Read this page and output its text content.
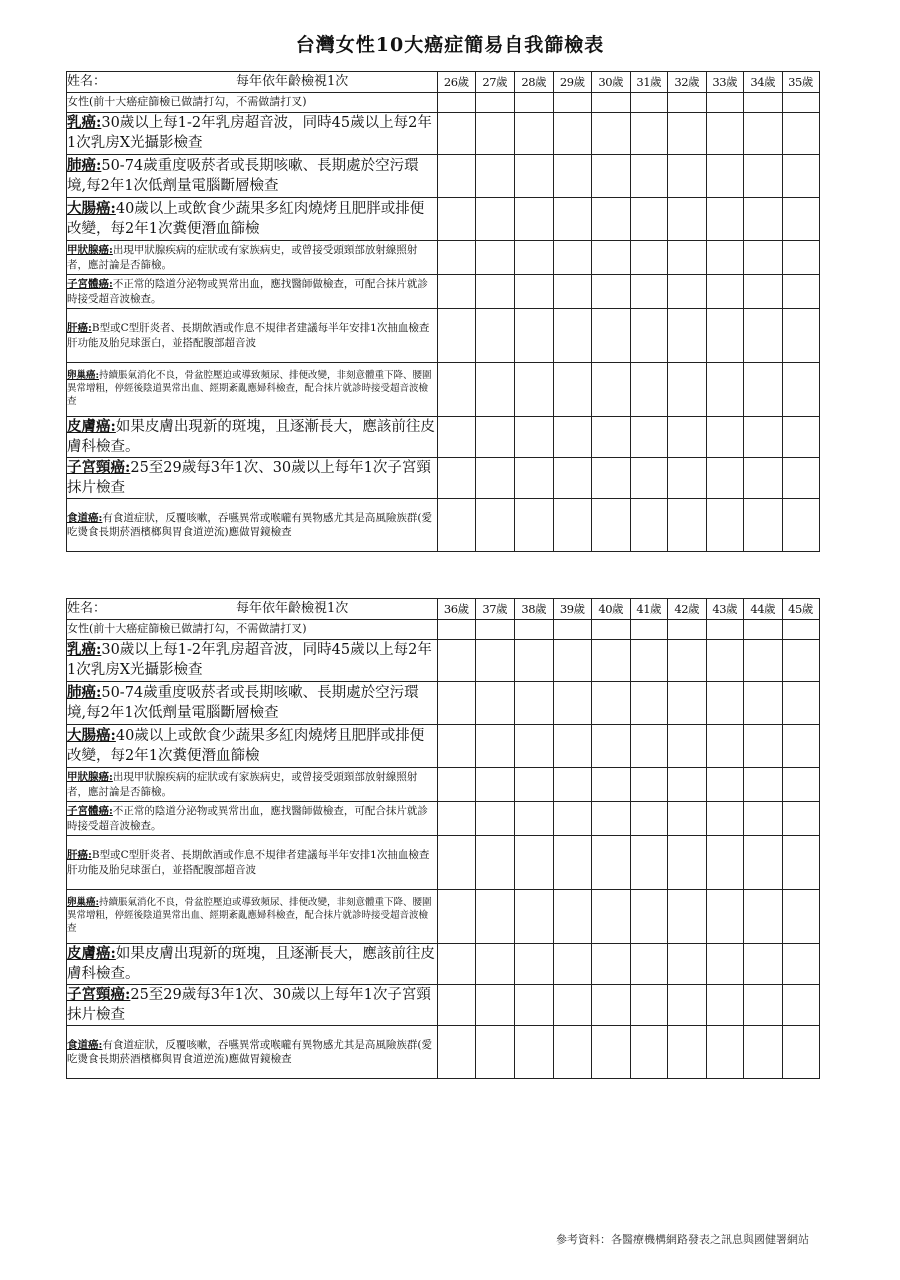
台灣女性10大癌症簡易自我篩檢表
姓名： 每年依年齡檢視1次	26歲	27歲	28歲	29歲	30歲	31歲	32歲	33歲	34歲	35歲
女性(前十大癌症篩檢已做請打勾，不需做請打叉)										
乳癌:30歲以上每1-2年乳房超音波，同時45歲以上每2年1次乳房X光攝影檢查										
肺癌:50-74歲重度吸菸者或長期咳嗽、長期處於空污環境,每2年1次低劑量電腦斷層檢查										
大腸癌:40歲以上或飲食少蔬果多紅肉燒烤且肥胖或排便改變，每2年1次糞便潛血篩檢										
甲狀腺癌:出現甲狀腺疾病的症狀或有家族病史，或曾接受頭頸部放射線照射者，應討論是否篩檢。										
子宮體癌:不正常的陰道分泌物或異常出血，應找醫師做檢查，可配合抹片就診時接受超音波檢查。										
肝癌:B型或C型肝炎者、長期飲酒或作息不規律者建議每半年安排1次抽血檢查肝功能及胎兒球蛋白，並搭配腹部超音波										
卵巢癌:持續脹氣消化不良，骨盆腔壓迫或導致頻尿、排便改變，非刻意體重下降、腰圍異常增粗，停經後陰道異常出血、經期紊亂應婦科檢查，配合抹片就診時接受超音波檢查										
皮膚癌:如果皮膚出現新的斑塊，且逐漸長大，應該前往皮膚科檢查。										
子宮頸癌:25至29歲每3年1次、30歲以上每年1次子宮頸抹片檢查										
食道癌:有食道症狀，反覆咳嗽，吞嚥異常或喉嚨有異物感尤其是高風險族群(愛吃燙食長期菸酒檳榔與胃食道逆流)應做胃鏡檢查										
姓名： 每年依年齡檢視1次	36歲	37歲	38歲	39歲	40歲	41歲	42歲	43歲	44歲	45歲
女性(前十大癌症篩檢已做請打勾，不需做請打叉)										
乳癌:30歲以上每1-2年乳房超音波，同時45歲以上每2年1次乳房X光攝影檢查										
肺癌:50-74歲重度吸菸者或長期咳嗽、長期處於空污環境,每2年1次低劑量電腦斷層檢查										
大腸癌:40歲以上或飲食少蔬果多紅肉燒烤且肥胖或排便改變，每2年1次糞便潛血篩檢										
甲狀腺癌:出現甲狀腺疾病的症狀或有家族病史，或曾接受頭頸部放射線照射者，應討論是否篩檢。										
子宮體癌:不正常的陰道分泌物或異常出血，應找醫師做檢查，可配合抹片就診時接受超音波檢查。										
肝癌:B型或C型肝炎者、長期飲酒或作息不規律者建議每半年安排1次抽血檢查肝功能及胎兒球蛋白，並搭配腹部超音波										
卵巢癌:持續脹氣消化不良，骨盆腔壓迫或導致頻尿、排便改變，非刻意體重下降、腰圍異常增粗，停經後陰道異常出血、經期紊亂應婦科檢查，配合抹片就診時接受超音波檢查										
皮膚癌:如果皮膚出現新的斑塊，且逐漸長大，應該前往皮膚科檢查。										
子宮頸癌:25至29歲每3年1次、30歲以上每年1次子宮頸抹片檢查										
食道癌:有食道症狀，反覆咳嗽，吞嚥異常或喉嚨有異物感尤其是高風險族群(愛吃燙食長期菸酒檳榔與胃食道逆流)應做胃鏡檢查										
參考資料：各醫療機構網路發表之訊息與國健署網站
